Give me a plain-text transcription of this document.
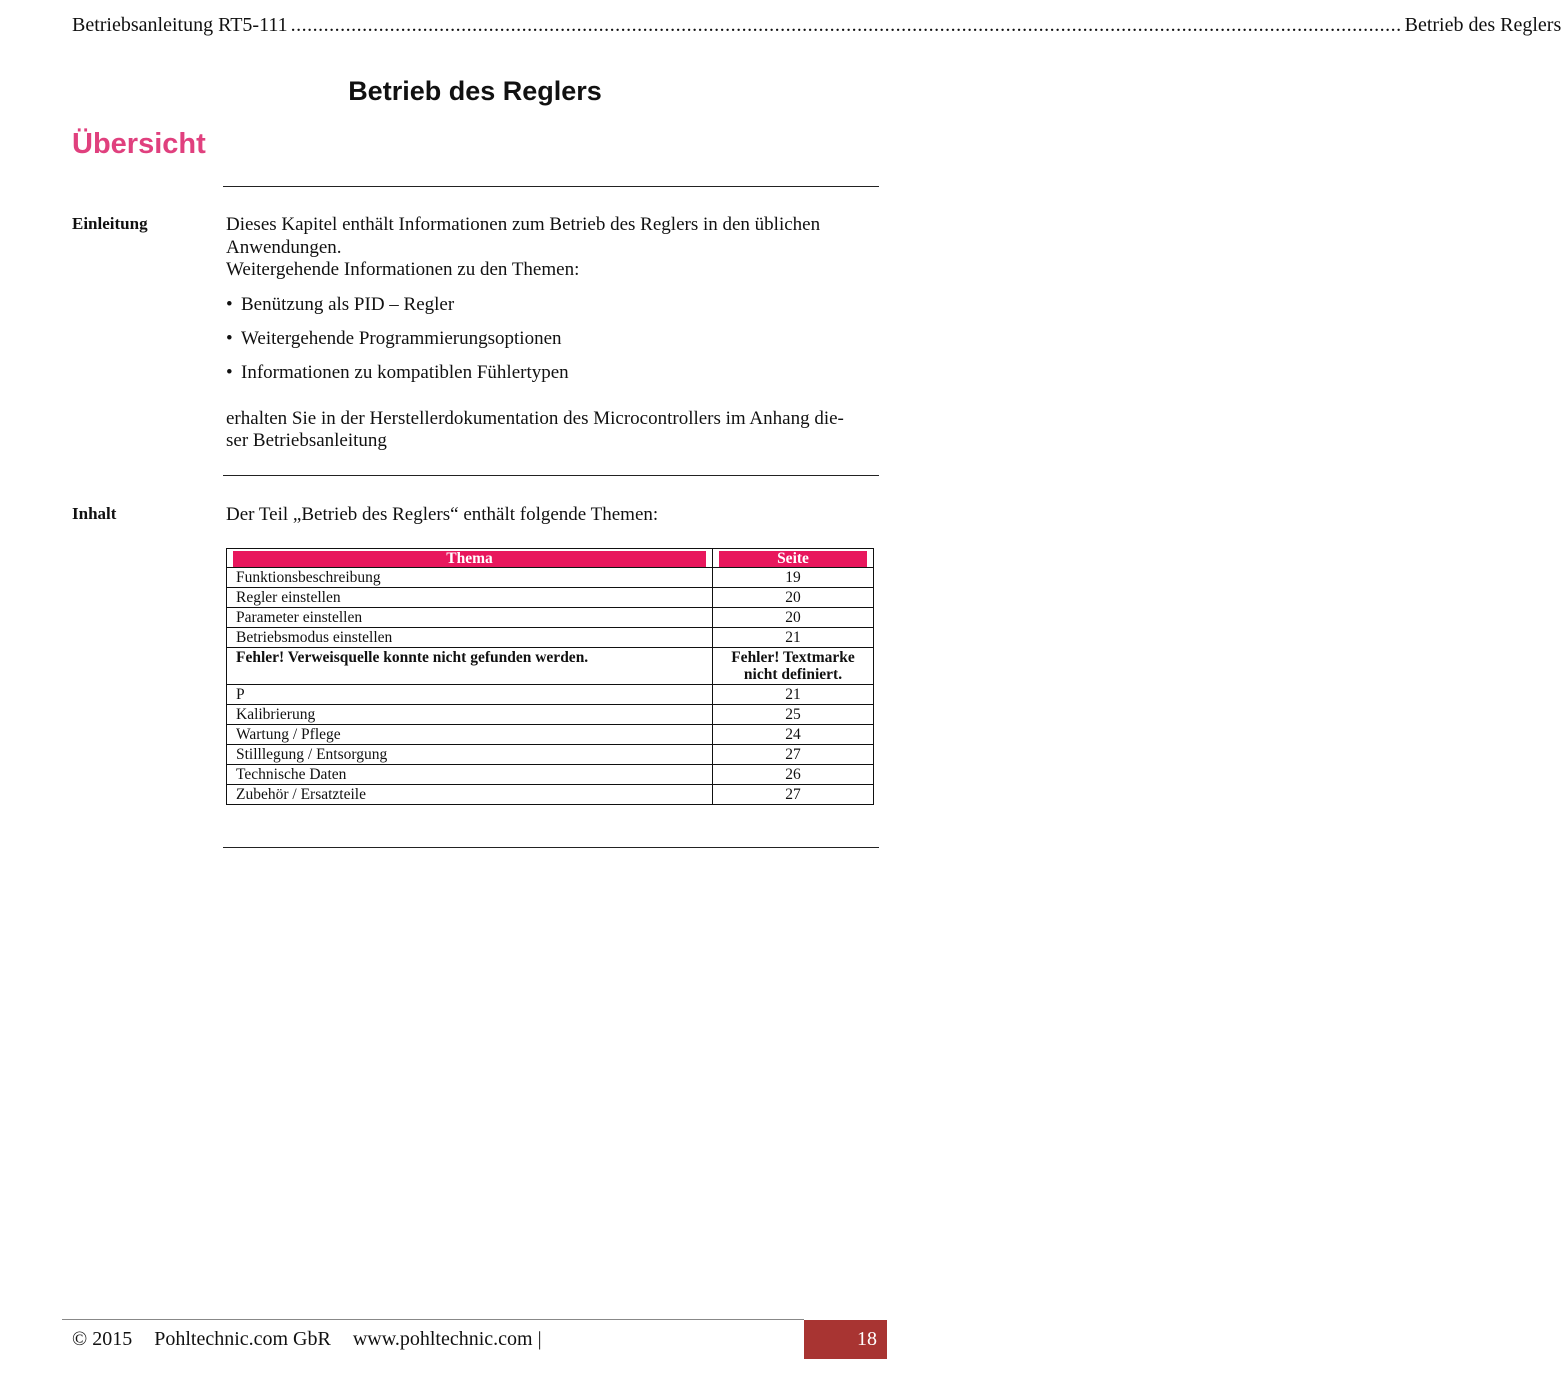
Betriebsanleitung RT5-111 .......................................................................................................................................................................................................... Betrieb des Reglers
Betrieb des Reglers
Übersicht
Einleitung	Dieses Kapitel enthält Informationen zum Betrieb des Reglers in den üblichen Anwendungen.
Weitergehende Informationen zu den Themen:
• Benützung als PID – Regler
• Weitergehende Programmierungsoptionen
• Informationen zu kompatiblen Fühlertypen
erhalten Sie in der Herstellerdokumentation des Microcontrollers im Anhang die-
ser Betriebsanleitung
Inhalt	Der Teil „Betrieb des Reglers“ enthält folgende Themen:
Thema	Seite

Funktionsbeschreibung	19
Regler einstellen	20
Parameter einstellen	20
Betriebsmodus einstellen	21
Fehler! Verweisquelle konnte nicht gefunden werden.	Fehler! Textmarke nicht definiert.
P	21
Kalibrierung	25
Wartung / Pflege	24
Stilllegung / Entsorgung	27
Technische Daten	26
Zubehör / Ersatzteile	27
© 2015 Pohltechnic.com GbR www.pohltechnic.com |	18
